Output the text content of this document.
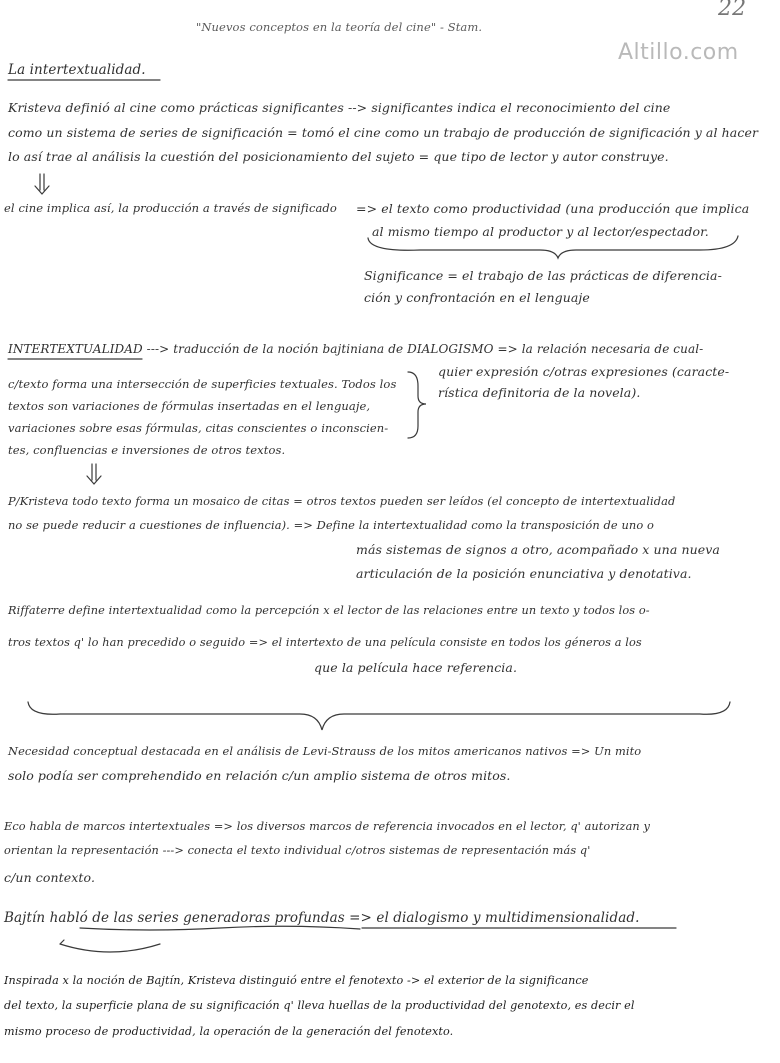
"Nuevos conceptos en la teoría del cine" - Stam.
22
Altillo.com
La intertextualidad.
Kristeva definió al cine como prácticas significantes --> significantes indica el reconocimiento del cine
como un sistema de series de significación = tomó el cine como un trabajo de producción de significación y al hacer
lo así trae al análisis la cuestión del posicionamiento del sujeto = que tipo de lector y autor construye.
el cine implica así, la producción a través de significado => el texto como productividad (una producción que implica
al mismo tiempo al productor y al lector/espectador.
Significance = el trabajo de las prácticas de diferencia-
ción y confrontación en el lenguaje
INTERTEXTUALIDAD ---> traducción de la noción bajtiniana de DIALOGISMO => la relación necesaria de cual-
quier expresión c/otras expresiones (caracte-
rística definitoria de la novela).
c/texto forma una intersección de superficies textuales. Todos los
textos son variaciones de fórmulas insertadas en el lenguaje,
variaciones sobre esas fórmulas, citas conscientes o inconscien-
tes, confluencias e inversiones de otros textos.
P/Kristeva todo texto forma un mosaico de citas = otros textos pueden ser leídos (el concepto de intertextualidad
no se puede reducir a cuestiones de influencia). => Define la intertextualidad como la transposición de uno o
más sistemas de signos a otro, acompañado x una nueva
articulación de la posición enunciativa y denotativa.
Riffaterre define intertextualidad como la percepción x el lector de las relaciones entre un texto y todos los o-
tros textos q' lo han precedido o seguido => el intertexto de una película consiste en todos los géneros a los
que la película hace referencia.
Necesidad conceptual destacada en el análisis de Levi-Strauss de los mitos americanos nativos => Un mito
solo podía ser comprehendido en relación c/un amplio sistema de otros mitos.
Eco habla de marcos intertextuales => los diversos marcos de referencia invocados en el lector, q' autorizan y
orientan la representación ---> conecta el texto individual c/otros sistemas de representación más q'
c/un contexto.
Bajtín habló de las series generadoras profundas => el dialogismo y multidimensionalidad.
Inspirada x la noción de Bajtín, Kristeva distinguió entre el fenotexto -> el exterior de la significance
del texto, la superficie plana de su significación q' lleva huellas de la productividad del genotexto, es decir el
mismo proceso de productividad, la operación de la generación del fenotexto.
